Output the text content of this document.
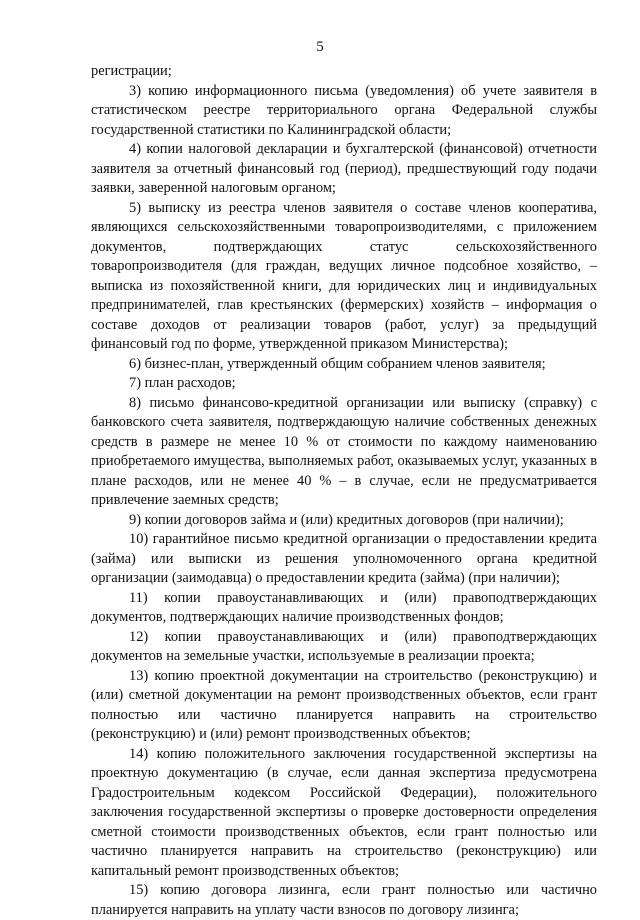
5

регистрации;

3) копию информационного письма (уведомления) об учете заявителя в статистическом реестре территориального органа Федеральной службы государственной статистики по Калининградской области;

4) копии налоговой декларации и бухгалтерской (финансовой) отчетности заявителя за отчетный финансовый год (период), предшествующий году подачи заявки, заверенной налоговым органом;

5) выписку из реестра членов заявителя о составе членов кооператива, являющихся сельскохозяйственными товаропроизводителями, с приложением документов, подтверждающих статус сельскохозяйственного товаропроизводителя (для граждан, ведущих личное подсобное хозяйство, – выписка из похозяйственной книги, для юридических лиц и индивидуальных предпринимателей, глав крестьянских (фермерских) хозяйств – информация о составе доходов от реализации товаров (работ, услуг) за предыдущий финансовый год по форме, утвержденной приказом Министерства);

6) бизнес-план, утвержденный общим собранием членов заявителя;

7) план расходов;

8) письмо финансово-кредитной организации или выписку (справку) с банковского счета заявителя, подтверждающую наличие собственных денежных средств в размере не менее 10 % от стоимости по каждому наименованию приобретаемого имущества, выполняемых работ, оказываемых услуг, указанных в плане расходов, или не менее 40 % – в случае, если не предусматривается привлечение заемных средств;

9) копии договоров займа и (или) кредитных договоров (при наличии);

10) гарантийное письмо кредитной организации о предоставлении кредита (займа) или выписки из решения уполномоченного органа кредитной организации (заимодавца) о предоставлении кредита (займа) (при наличии);

11) копии правоустанавливающих и (или) правоподтверждающих документов, подтверждающих наличие производственных фондов;

12) копии правоустанавливающих и (или) правоподтверждающих документов на земельные участки, используемые в реализации проекта;

13) копию проектной документации на строительство (реконструкцию) и (или) сметной документации на ремонт производственных объектов, если грант полностью или частично планируется направить на строительство (реконструкцию) и (или) ремонт производственных объектов;

14) копию положительного заключения государственной экспертизы на проектную документацию (в случае, если данная экспертиза предусмотрена Градостроительным кодексом Российской Федерации), положительного заключения государственной экспертизы о проверке достоверности определения сметной стоимости производственных объектов, если грант полностью или частично планируется направить на строительство (реконструкцию) или капитальный ремонт производственных объектов;

15) копию договора лизинга, если грант полностью или частично планируется направить на уплату части взносов по договору лизинга;
